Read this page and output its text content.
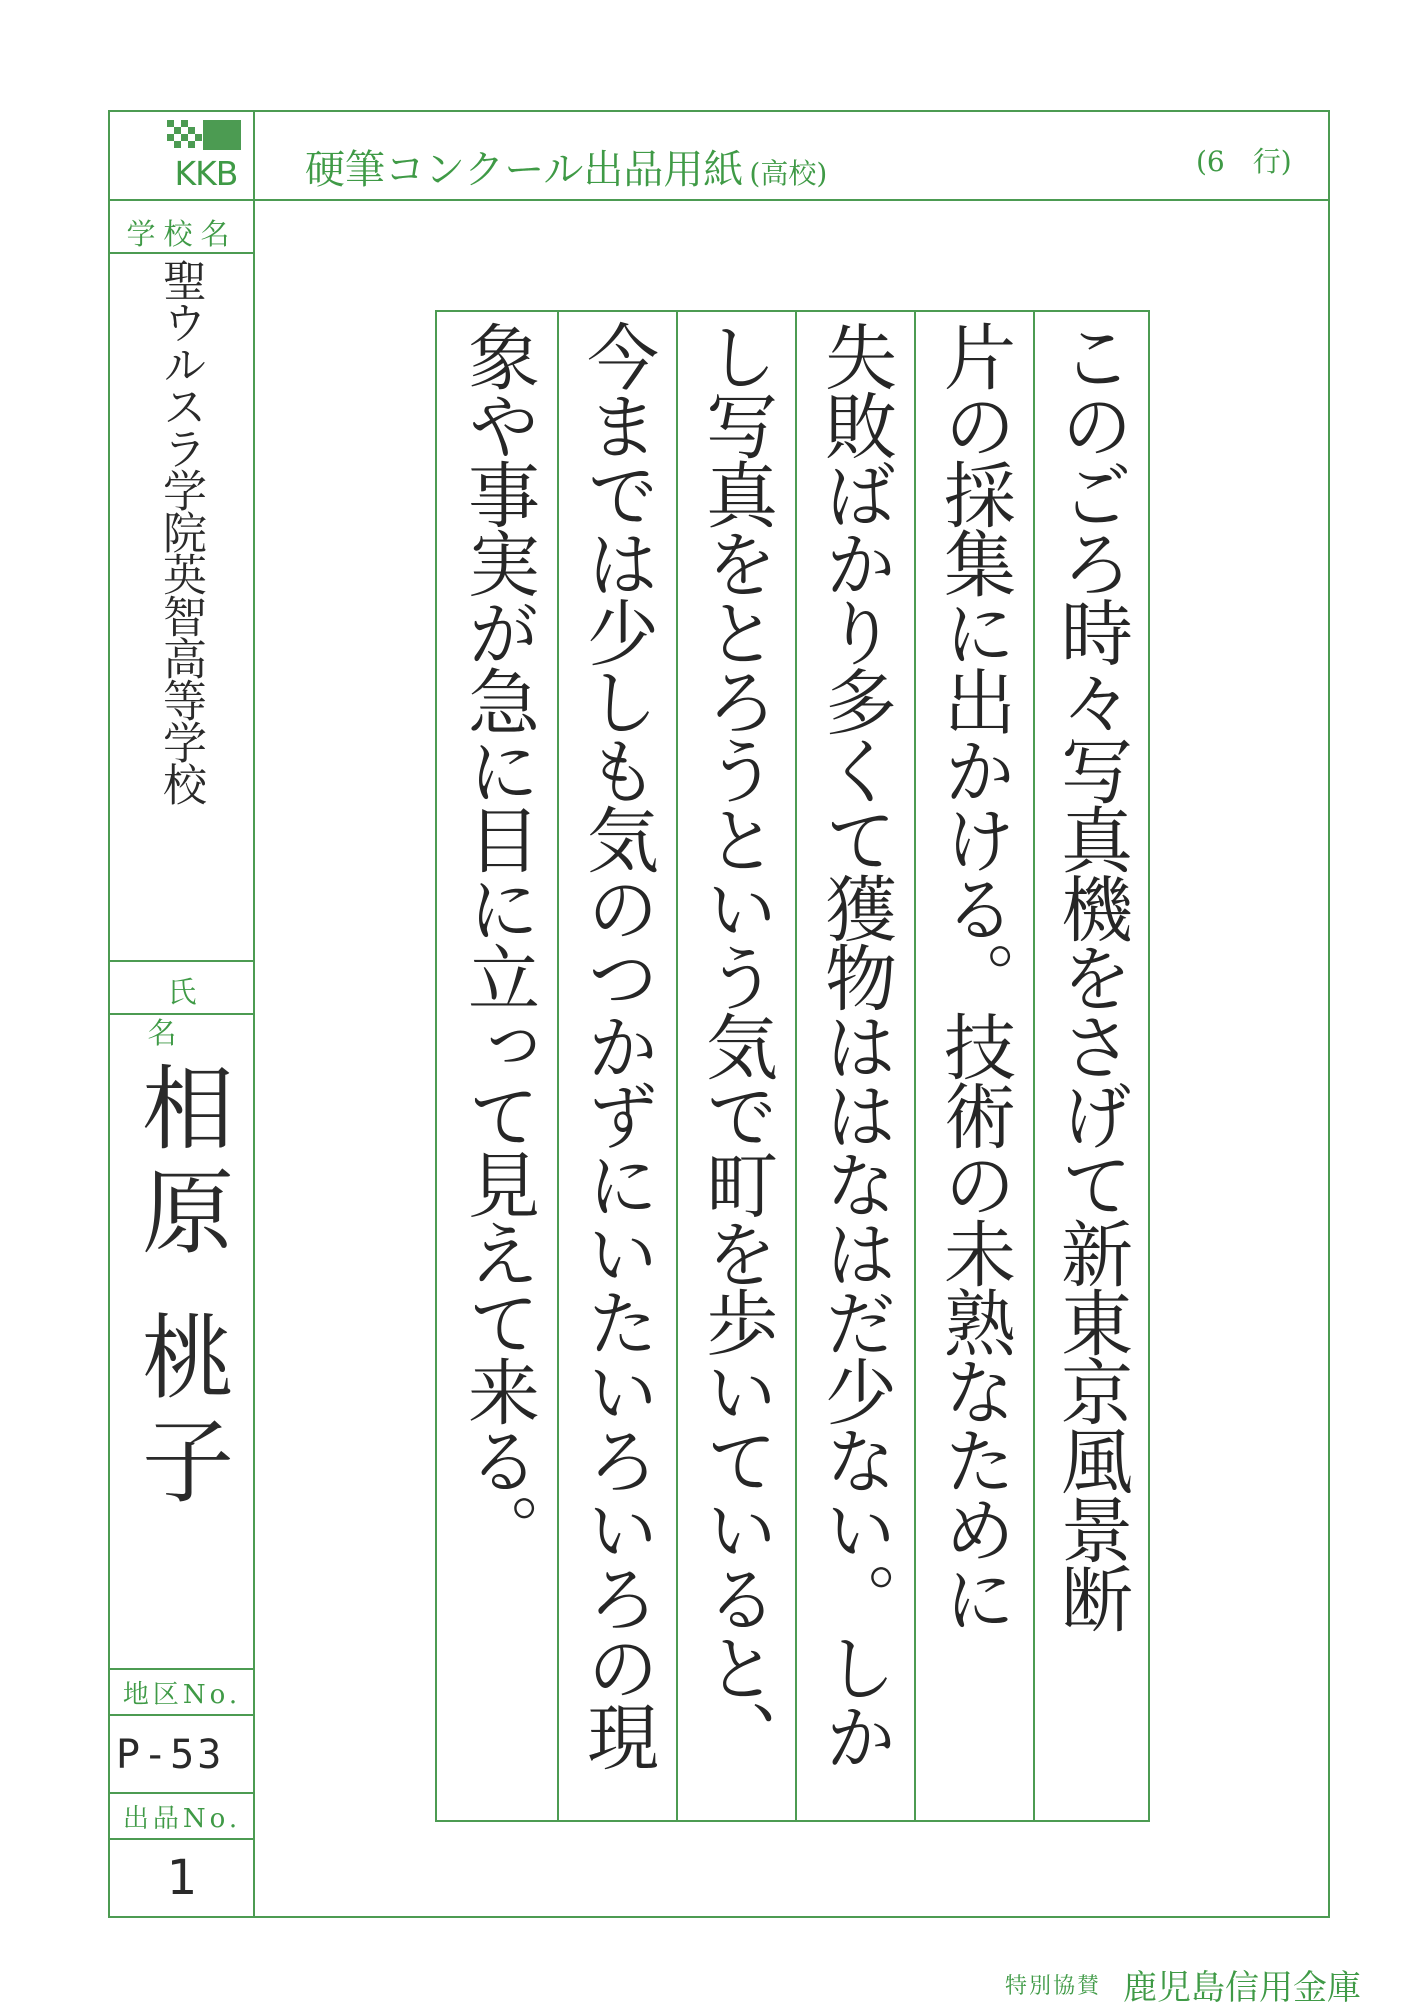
KKB 硬筆コンクール出品用紙 (高校)	(6　行)
学校名
聖ウルスラ学院英智高等学校
氏名
相原 桃子
地区No.
P-53
出品No.
1
このごろ時々写真機をさげて新東京風景断
片の採集に出かける。技術の未熟なために
失敗ばかり多くて獲物ははなはだ少ない。しか
し写真をとろうという気で町を歩いていると、
今までは少しも気のつかずにいたいろいろの現
象や事実が急に目に立って見えて来る。
特別協賛 鹿児島信用金庫
